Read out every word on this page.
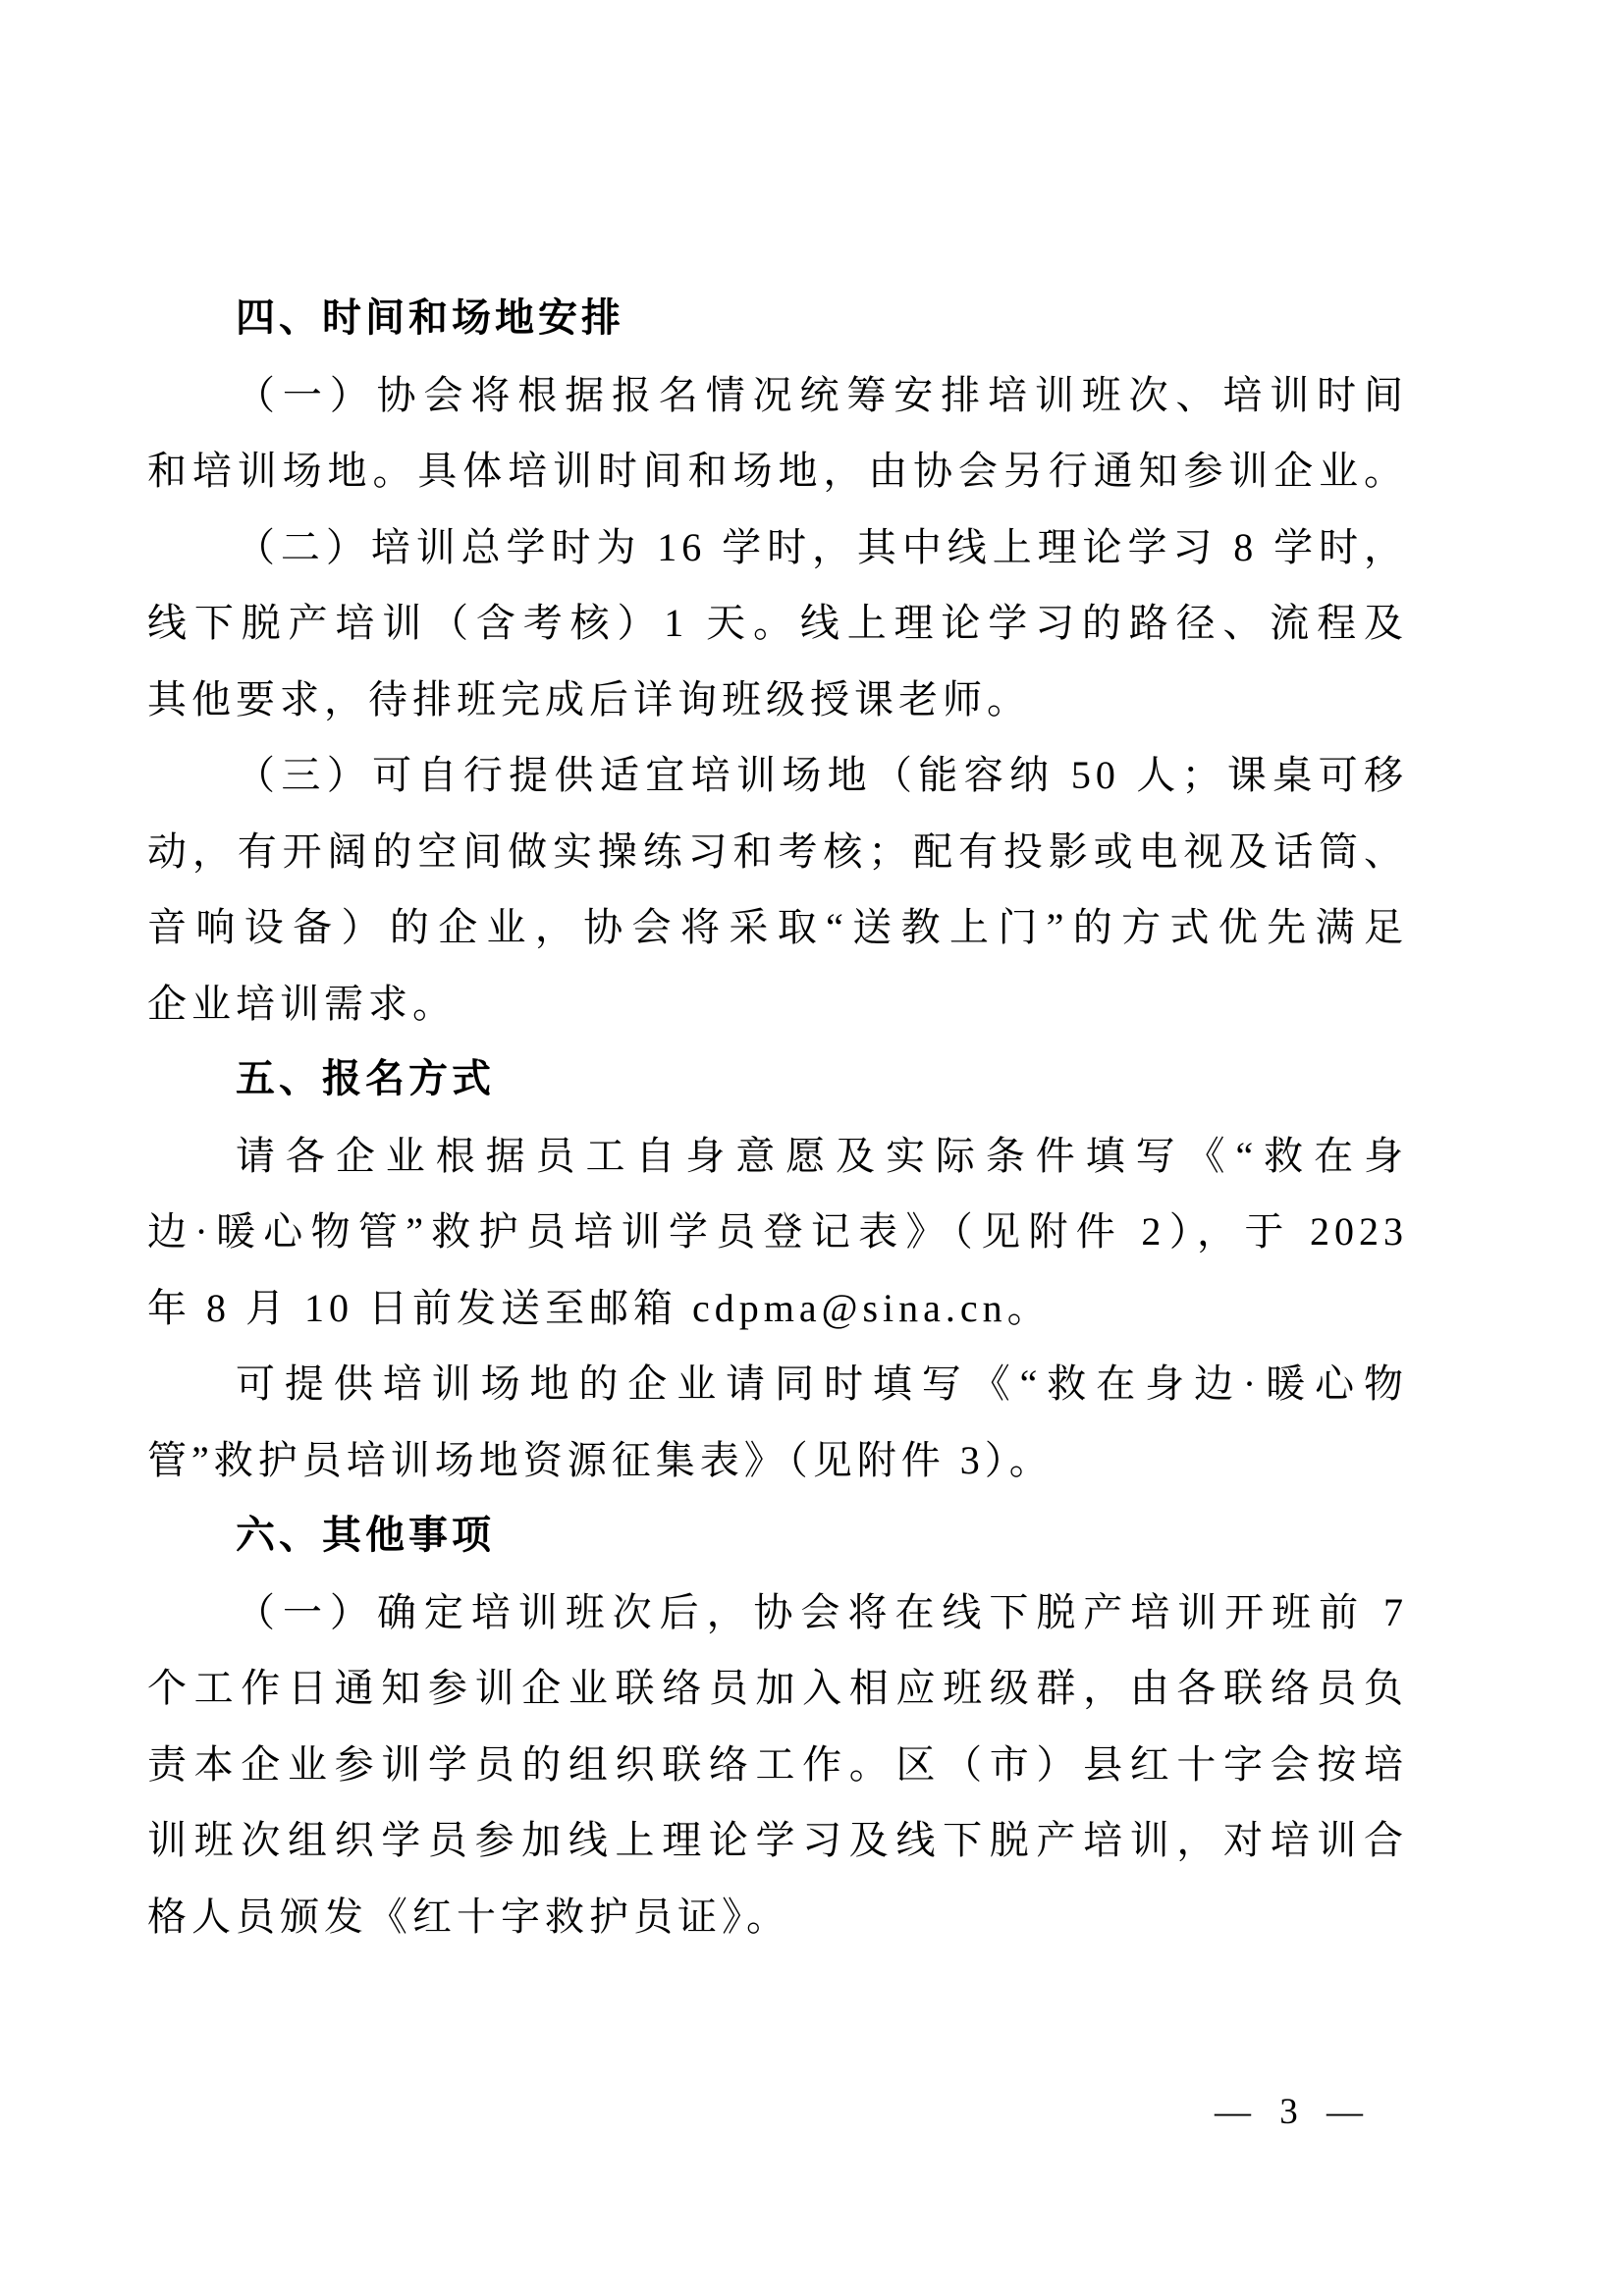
四、时间和场地安排
（一）协会将根据报名情况统筹安排培训班次、培训时间
和培训场地。具体培训时间和场地，由协会另行通知参训企业。
（二）培训总学时为 16 学时，其中线上理论学习 8 学时，
线下脱产培训（含考核）1 天。线上理论学习的路径、流程及
其他要求，待排班完成后详询班级授课老师。
（三）可自行提供适宜培训场地（能容纳 50 人；课桌可移
动，有开阔的空间做实操练习和考核；配有投影或电视及话筒、
音响设备）的企业，协会将采取“送教上门”的方式优先满足
企业培训需求。
五、报名方式
请各企业根据员工自身意愿及实际条件填写《“救在身
边·暖心物管”救护员培训学员登记表》（见附件 2），于 2023
年 8 月 10 日前发送至邮箱 cdpma@sina.cn。
可提供培训场地的企业请同时填写《“救在身边·暖心物
管”救护员培训场地资源征集表》（见附件 3）。
六、其他事项
（一）确定培训班次后，协会将在线下脱产培训开班前 7
个工作日通知参训企业联络员加入相应班级群，由各联络员负
责本企业参训学员的组织联络工作。区（市）县红十字会按培
训班次组织学员参加线上理论学习及线下脱产培训，对培训合
格人员颁发《红十字救护员证》。
— 3 —
